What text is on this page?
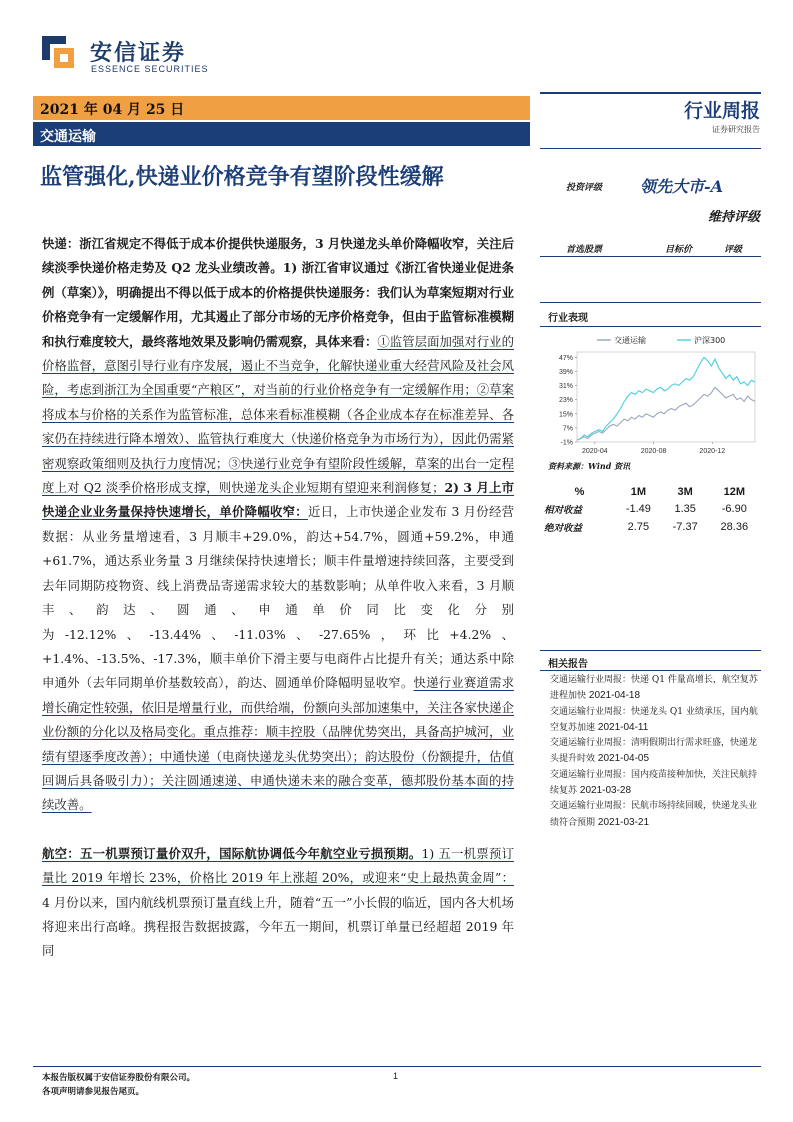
安信证券
ESSENCE SECURITIES
2021 年 04 月 25 日
交通运输
行业周报
证券研究报告
监管强化,快递业价格竞争有望阶段性缓解	投资评级 领先大市-A
维持评级
首选股票	目标价	评级

快递：浙江省规定不得低于成本价提供快递服务，3 月快递龙头单价降幅收窄，关注后续淡季快递价格走势及 Q2 龙头业绩改善。1) 浙江省审议通过《浙江省快递业促进条例（草案）》，明确提出不得以低于成本的价格提供快递服务：我们认为草案短期对行业价格竞争有一定缓解作用，尤其遏止了部分市场的无序价格竞争，但由于监管标准模糊和执行难度较大，最终落地效果及影响仍需观察，具体来看：①监管层面加强对行业的价格监督，意图引导行业有序发展，遏止不当竞争，化解快递业重大经营风险及社会风险，考虑到浙江为全国重要“产粮区”，对当前的行业价格竞争有一定缓解作用；②草案将成本与价格的关系作为监管标准，总体来看标准模糊（各企业成本存在标准差异、各家仍在持续进行降本增效）、监管执行难度大（快递价格竞争为市场行为），因此仍需紧密观察政策细则及执行力度情况；③快递行业竞争有望阶段性缓解，草案的出台一定程度上对 Q2 淡季价格形成支撑，则快递龙头企业短期有望迎来利润修复；2) 3 月上市快递企业业务量保持快速增长，单价降幅收窄：近日，上市快递企业发布 3 月份经营数据：从业务量增速看，3 月顺丰+29.0%，韵达+54.7%，圆通+59.2%，申通+61.7%，通达系业务量 3 月继续保持快速增长；顺丰件量增速持续回落，主要受到去年同期防疫物资、线上消费品寄递需求较大的基数影响；从单件收入来看，3 月顺丰、韵达、圆通、申通单价同比变化分别为-12.12%、-13.44%、-11.03%、-27.65%，环比+4.2%、+1.4%、-13.5%、-17.3%，顺丰单价下滑主要与电商件占比提升有关；通达系中除申通外（去年同期单价基数较高），韵达、圆通单价降幅明显收窄。快递行业赛道需求增长确定性较强，依旧是增量行业，而供给端，份额向头部加速集中，关注各家快递企业份额的分化以及格局变化。重点推荐：顺丰控股（品牌优势突出，具备高护城河，业绩有望逐季度改善）；中通快递（电商快递龙头优势突出）；韵达股份（份额提升，估值回调后具备吸引力）；关注圆通速递、申通快递未来的融合变革，德邦股份基本面的持续改善。

航空：五一机票预订量价双升，国际航协调低今年航空业亏损预期。1) 五一机票预订量比 2019 年增长 23%，价格比 2019 年上涨超 20%，或迎来“史上最热黄金周”：4 月份以来，国内航线机票预订量直线上升，随着“五一”小长假的临近，国内各大机场将迎来出行高峰。携程报告数据披露，今年五一期间，机票订单量已经超超 2019 年同

行业表现
47%
39%
31%
23%
15%
7%
-1%
2020-04	2020-08	2020-12
交通运输	沪深300
资料来源：Wind 资讯
%	1M	3M	12M
相对收益	-1.49	1.35	-6.90
绝对收益	2.75	-7.37	28.36
相关报告
交通运输行业周报：快递 Q1 件量高增长，航空复苏进程加快 2021-04-18
交通运输行业周报：快递龙头 Q1 业绩承压，国内航空复苏加速 2021-04-11
交通运输行业周报：清明假期出行需求旺盛，快递龙头提升时效 2021-04-05
交通运输行业周报：国内疫苗接种加快，关注民航持续复苏 2021-03-28
交通运输行业周报：民航市场持续回暖，快递龙头业绩符合预期 2021-03-21
本报告版权属于安信证券股份有限公司。
各项声明请参见报告尾页。
1
